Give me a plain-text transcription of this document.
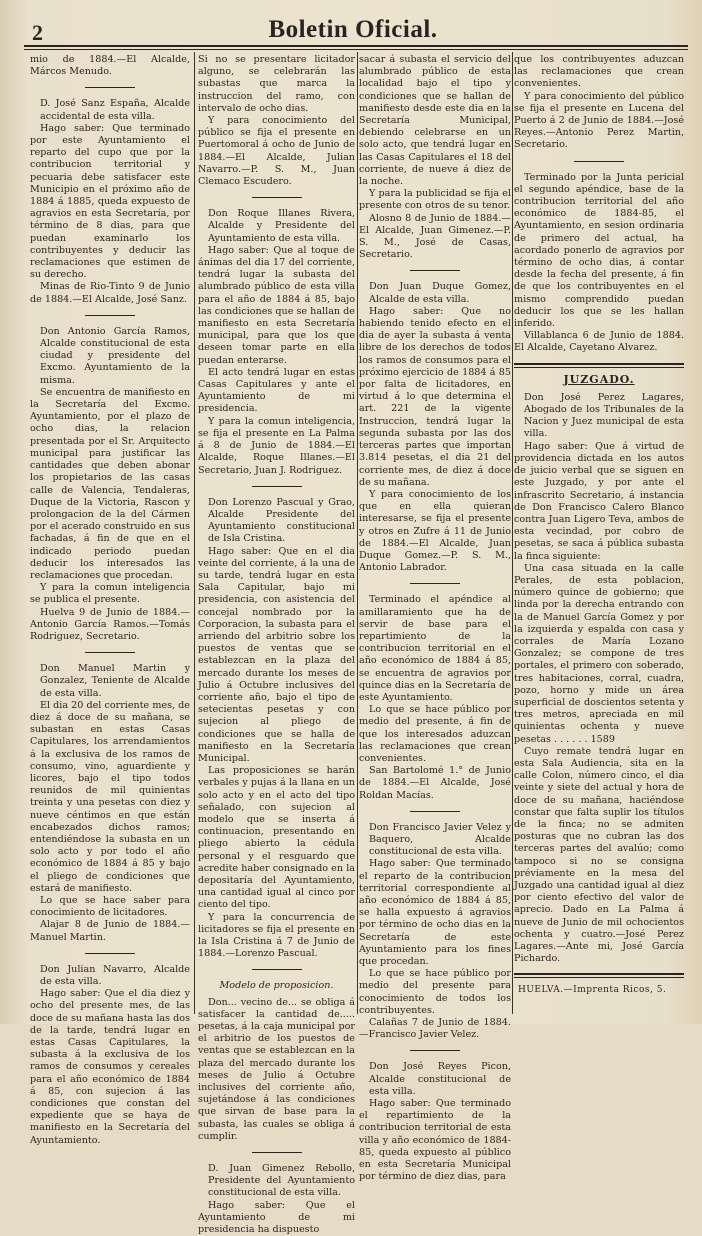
2	Boletin Oficial.

mio de 1884.—El Alcalde, Márcos Menudo.

D. José Sanz España, Alcalde accidental de esta villa.

Hago saber: Que terminado por este Ayuntamiento el reparto del cupo que por la contribucion territorial y pecuaria debe satisfacer este Municipio en el próximo año de 1884 á 1885, queda expuesto de agravios en esta Secretaría, por término de 8 dias, para que puedan examinarlo los contribuyentes y deducir las reclamaciones que estimen de su derecho.

Minas de Rio-Tinto 9 de Junio de 1884.—El Alcalde, José Sanz.

Don Antonio García Ramos, Alcalde constitucional de esta ciudad y presidente del Excmo. Ayuntamiento de la misma.

Se encuentra de manifiesto en la Secretaría del Excmo. Ayuntamiento, por el plazo de ocho dias, la relacion presentada por el Sr. Arquitecto municipal para justificar las cantidades que deben abonar los propietarios de las casas calle de Valencia, Tendaleras, Duque de la Victoria, Rascon y prolongacion de la del Cármen por el acerado construido en sus fachadas, á fin de que en el indicado periodo puedan deducir los interesados las reclamaciones que procedan.

Y para la comun inteligencia se publica el presente.

Huelva 9 de Junio de 1884.—Antonio García Ramos.—Tomás Rodriguez, Secretario.

Don Manuel Martin y Gonzalez, Teniente de Alcalde de esta villa.

El dia 20 del corriente mes, de diez á doce de su mañana, se subastan en estas Casas Capitulares, los arrendamientos á la exclusiva de los ramos de consumo, vino, aguardiente y licores, bajo el tipo todos reunidos de mil quinientas treinta y una pesetas con diez y nueve céntimos en que están encabezados dichos ramos; entendiéndose la subasta en un solo acto y por todo el año económico de 1884 á 85 y bajo el pliego de condiciones que estará de manifiesto.

Lo que se hace saber para conocimiento de licitadores.

Alajar 8 de Junio de 1884.—Manuel Martin.

Don Julian Navarro, Alcalde de esta villa.

Hago saber: Que el dia diez y ocho del presente mes, de las doce de su mañana hasta las dos de la tarde, tendrá lugar en estas Casas Capitulares, la subasta á la exclusiva de los ramos de consumos y cereales para el año económico de 1884 á 85, con sujecion á las condiciones que constan del expediente que se haya de manifiesto en la Secretaría del Ayuntamiento.

Si no se presentare licitador alguno, se celebrarán las subastas que marca la instruccion del ramo, con intervalo de ocho dias.

Y para conocimiento del público se fija el presente en Puertomoral á ocho de Junio de 1884.—El Alcalde, Julian Navarro.—P. S. M., Juan Clemaco Escudero.

Don Roque Illanes Rivera, Alcalde y Presidente del Ayuntamiento de esta villa.

Hago saber: Que al toque de ánimas del dia 17 del corriente, tendrá lugar la subasta del alumbrado público de esta villa para el año de 1884 á 85, bajo las condiciones que se hallan de manifiesto en esta Secretaría municipal, para que los que deseen tomar parte en ella puedan enterarse.

El acto tendrá lugar en estas Casas Capitulares y ante el Ayuntamiento de mi presidencia.

Y para la comun inteligencia, se fija el presente en La Palma á 8 de Junio de 1884.—El Alcalde, Roque Illanes.—El Secretario, Juan J. Rodriguez.

Don Lorenzo Pascual y Grao, Alcalde Presidente del Ayuntamiento constitucional de Isla Cristina.

Hago saber: Que en el dia veinte del corriente, á la una de su tarde, tendrá lugar en esta Sala Capitular, bajo mi presidencia, con asistencia del concejal nombrado por la Corporacion, la subasta para el arriendo del arbitrio sobre los puestos de ventas que se establezcan en la plaza del mercado durante los meses de Julio á Octubre inclusives del corriente año, bajo el tipo de setecientas pesetas y con sujecion al pliego de condiciones que se halla de manifiesto en la Secretaría Municipal.

Las proposiciones se harán verbales y pujas á la llana en un solo acto y en el acto del tipo señalado, con sujecion al modelo que se inserta á continuacion, presentando en pliego abierto la cédula personal y el resguardo que acredite haber consignado en la depositaría del Ayuntamiento, una cantidad igual al cinco por ciento del tipo.

Y para la concurrencia de licitadores se fija el presente en la Isla Cristina á 7 de Junio de 1884.—Lorenzo Pascual.

Modelo de proposicion.

Don... vecino de... se obliga á satisfacer la cantidad de..... pesetas, á la caja municipal por el arbitrio de los puestos de ventas que se establezcan en la plaza del mercado durante los meses de Julio á Octubre inclusives del corriente año, sujetándose á las condiciones que sirvan de base para la subasta, las cuales se obliga á cumplir.

D. Juan Gimenez Rebollo, Presidente del Ayuntamiento constitucional de esta villa.

Hago saber: Que el Ayuntamiento de mi presidencia ha dispuesto

sacar á subasta el servicio del alumbrado público de esta localidad bajo el tipo y condiciones que se hallan de manifiesto desde este dia en la Secretaría Municipal, debiendo celebrarse en un solo acto, que tendrá lugar en las Casas Capitulares el 18 del corriente, de nueve á diez de la noche.

Y para la publicidad se fija el presente con otros de su tenor.

Alosno 8 de Junio de 1884.—El Alcalde, Juan Gimenez.—P. S. M., José de Casas, Secretario.

Don Juan Duque Gomez, Alcalde de esta villa.

Hago saber: Que no habiendo tenido efecto en el dia de ayer la subasta á venta libre de los derechos de todos los ramos de consumos para el próximo ejercicio de 1884 á 85 por falta de licitadores, en virtud á lo que determina el art. 221 de la vigente Instruccion, tendrá lugar la segunda subasta por las dos terceras partes que importan 3.814 pesetas, el dia 21 del corriente mes, de diez á doce de su mañana.

Y para conocimiento de los que en ella quieran interesarse, se fija el presente y otros en Zufre á 11 de Junio de 1884.—El Alcalde, Juan Duque Gomez.—P. S. M., Antonio Labrador.

Terminado el apéndice al amillaramiento que ha de servir de base para el repartimiento de la contribucion territorial en el año económico de 1884 á 85, se encuentra de agravios por quince dias en la Secretaría de este Ayuntamiento.

Lo que se hace público por medio del presente, á fin de que los interesados aduzcan las reclamaciones que crean convenientes.

San Bartolomé 1.° de Junio de 1884.—El Alcalde, José Roldan Macías.

Don Francisco Javier Velez y Baquero, Alcalde constitucional de esta villa.

Hago saber: Que terminado el reparto de la contribucion territorial correspondiente al año económico de 1884 á 85, se halla expuesto á agravios por término de ocho dias en la Secretaría de este Ayuntamiento para los fines que procedan.

Lo que se hace público por medio del presente para conocimiento de todos los contribuyentes.

Calañas 7 de Junio de 1884.—Francisco Javier Velez.

Don José Reyes Picon, Alcalde constitucional de esta villa.

Hago saber: Que terminado el repartimiento de la contribucion territorial de esta villa y año económico de 1884-85, queda expuesto al público en esta Secretaría Municipal por término de diez dias, para

que los contribuyentes aduzcan las reclamaciones que crean convenientes.

Y para conocimiento del público se fija el presente en Lucena del Puerto á 2 de Junio de 1884.—José Reyes.—Antonio Perez Martin, Secretario.

Terminado por la Junta pericial el segundo apéndice, base de la contribucion territorial del año económico de 1884-85, el Ayuntamiento, en sesion ordinaria de primero del actual, ha acordado ponerlo de agravios por término de ocho dias, á contar desde la fecha del presente, á fin de que los contribuyentes en el mismo comprendido puedan deducir los que se les hallan inferido.

Villablanca 6 de Junio de 1884. El Alcalde, Cayetano Alvarez.

JUZGADO.

Don José Perez Lagares, Abogado de los Tribunales de la Nacion y Juez municipal de esta villa.

Hago saber: Que á virtud de providencia dictada en los autos de juicio verbal que se siguen en este Juzgado, y por ante el infrascrito Secretario, á instancia de Don Francisco Calero Blanco contra Juan Ligero Teva, ambos de esta vecindad, por cobro de pesetas, se saca á pública subasta la finca siguiente:

Una casa situada en la calle Perales, de esta poblacion, número quince de gobierno; que linda por la derecha entrando con la de Manuel García Gomez y por la izquierda y espalda con casa y corrales de María Lozano Gonzalez; se compone de tres portales, el primero con soberado, tres habitaciones, corral, cuadra, pozo, horno y mide un área superficial de doscientos setenta y tres metros, apreciada en mil quinientas ochenta y nueve pesetas . . . . . . 1589

Cuyo remate tendrá lugar en esta Sala Audiencia, sita en la calle Colon, número cinco, el dia veinte y siete del actual y hora de doce de su mañana, haciéndose constar que falta suplir los títulos de la finca; no se admiten posturas que no cubran las dos terceras partes del avalúo; como tampoco si no se consigna préviamente en la mesa del Juzgado una cantidad igual al diez por ciento efectivo del valor de aprecio. Dado en La Palma á nueve de Junio de mil ochocientos ochenta y cuatro.—José Perez Lagares.—Ante mi, José García Pichardo.

HUELVA.—Imprenta Ricos, 5.
